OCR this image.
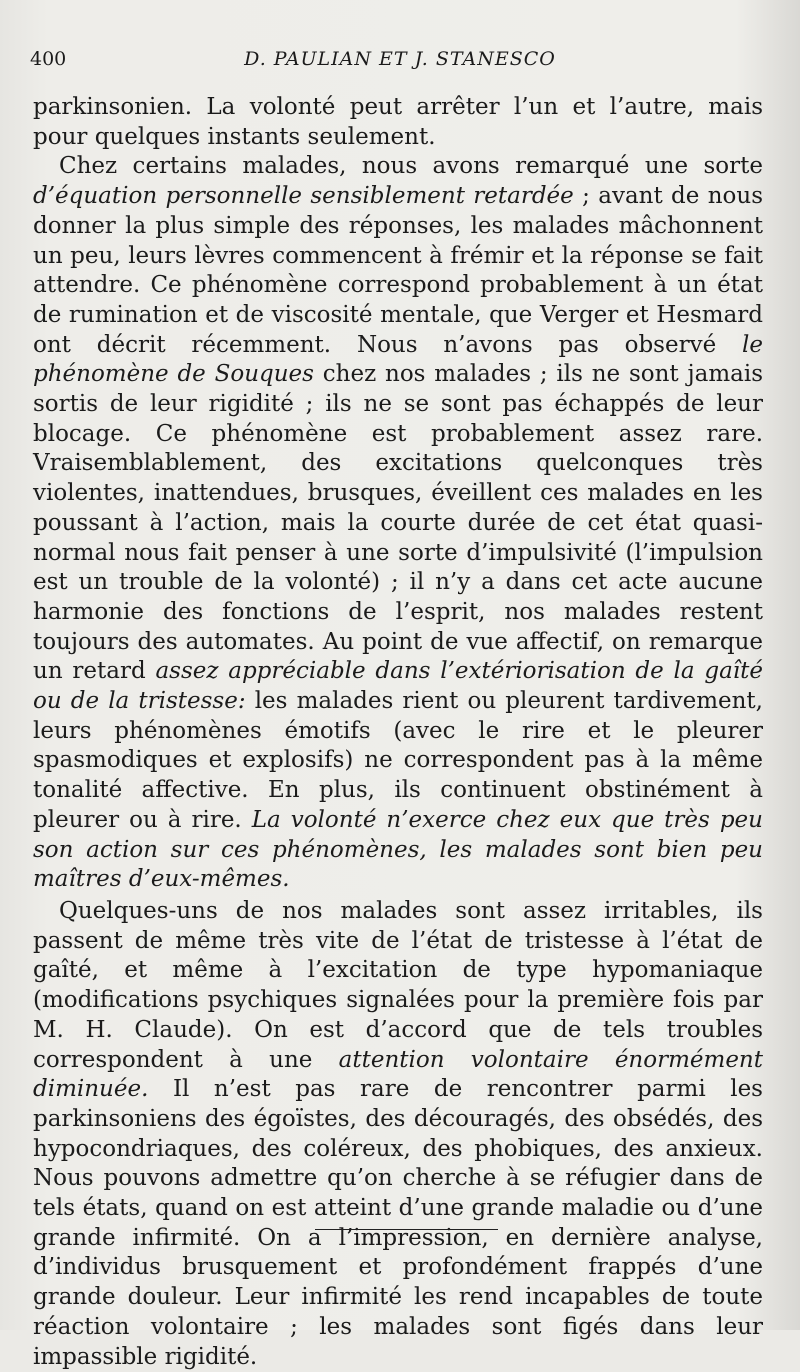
400	D. PAULIAN ET J. STANESCO

parkinsonien. La volonté peut arrêter l’un et l’autre, mais pour quelques instants seulement.

Chez certains malades, nous avons remarqué une sorte d’équation personnelle sensiblement retardée ; avant de nous donner la plus simple des réponses, les malades mâchonnent un peu, leurs lèvres commencent à frémir et la réponse se fait attendre. Ce phénomène correspond probablement à un état de rumination et de viscosité mentale, que Verger et Hesmard ont décrit récemment. Nous n’avons pas observé le phénomène de Souques chez nos malades ; ils ne sont jamais sortis de leur rigidité ; ils ne se sont pas échappés de leur blocage. Ce phénomène est probablement assez rare. Vraisemblablement, des excitations quelconques très violentes, inattendues, brusques, éveillent ces malades en les poussant à l’action, mais la courte durée de cet état quasi-normal nous fait penser à une sorte d’impulsivité (l’impulsion est un trouble de la volonté) ; il n’y a dans cet acte aucune harmonie des fonctions de l’esprit, nos malades restent toujours des automates. Au point de vue affectif, on remarque un retard assez appréciable dans l’extériorisation de la gaîté ou de la tristesse: les malades rient ou pleurent tardivement, leurs phénomènes émotifs (avec le rire et le pleurer spasmodiques et explosifs) ne correspondent pas à la même tonalité affective. En plus, ils continuent obstinément à pleurer ou à rire. La volonté n’exerce chez eux que très peu son action sur ces phénomènes, les malades sont bien peu maîtres d’eux-mêmes.

Quelques-uns de nos malades sont assez irritables, ils passent de même très vite de l’état de tristesse à l’état de gaîté, et même à l’excitation de type hypomaniaque (modifications psychiques signalées pour la première fois par M. H. Claude). On est d’accord que de tels troubles correspondent à une attention volontaire énormément diminuée. Il n’est pas rare de rencontrer parmi les parkinsoniens des égoïstes, des découragés, des obsédés, des hypocondriaques, des coléreux, des phobiques, des anxieux. Nous pouvons admettre qu’on cherche à se réfugier dans de tels états, quand on est atteint d’une grande maladie ou d’une grande infirmité. On a l’impression, en dernière analyse, d’individus brusquement et profondément frappés d’une grande douleur. Leur infirmité les rend incapables de toute réaction volontaire ; les malades sont figés dans leur impassible rigidité.
